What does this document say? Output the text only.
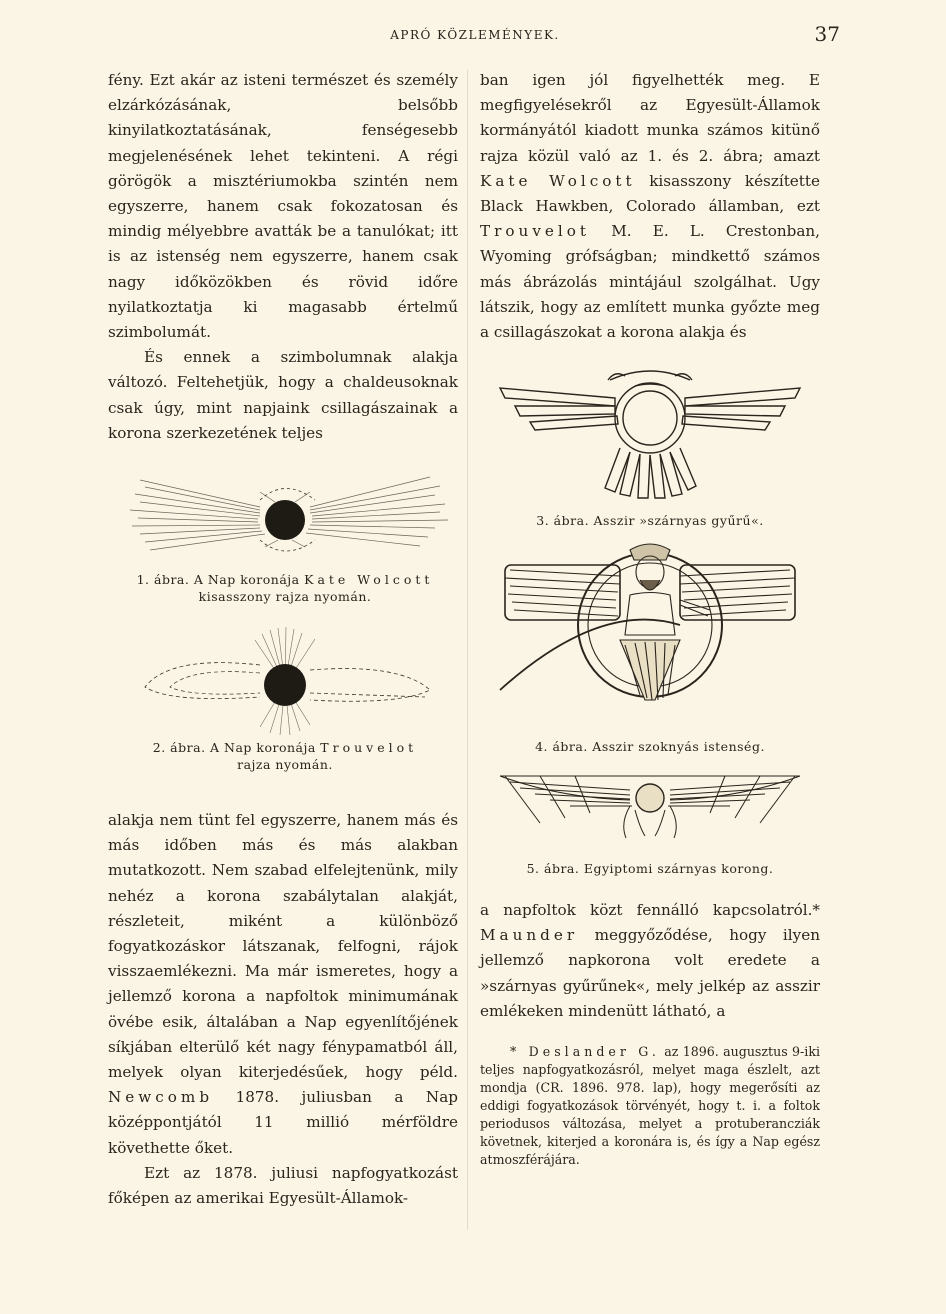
APRÓ KÖZLEMÉNYEK.	37

fény. Ezt akár az isteni természet és személy elzárkózásának, belsőbb kinyilatkoztatásának, fenségesebb megjelenésének lehet tekinteni. A régi görögök a misztériumokba szintén nem egyszerre, hanem csak fokozatosan és mindig mélyebbre avatták be a tanulókat; itt is az istenség nem egyszerre, hanem csak nagy időközökben és rövid időre nyilatkoztatja ki magasabb értelmű szimbolumát.

És ennek a szimbolumnak alakja változó. Feltehetjük, hogy a chaldeusoknak csak úgy, mint napjaink csillagászainak a korona szerkezetének teljes

1. ábra. A Nap koronája Kate Wolcott
kisasszony rajza nyomán.
2. ábra. A Nap koronája Trouvelot
rajza nyomán.

alakja nem tünt fel egyszerre, hanem más és más időben más és más alakban mutatkozott. Nem szabad elfelejtenünk, mily nehéz a korona szabálytalan alakját, részleteit, miként a különböző fogyatkozáskor látszanak, felfogni, rájok visszaemlékezni. Ma már ismeretes, hogy a jellemző korona a napfoltok minimumának övébe esik, általában a Nap egyenlítőjének síkjában elterülő két nagy fénypamatból áll, melyek olyan kiterjedésűek, hogy péld. Newcomb 1878. juliusban a Nap középpontjától 11 millió mérföldre követhette őket.

Ezt az 1878. juliusi napfogyatkozást főképen az amerikai Egyesült-Államok-

ban igen jól figyelhették meg. E megfigyelésekről az Egyesült-Államok kormányától kiadott munka számos kitünő rajza közül való az 1. és 2. ábra; amazt Kate Wolcott kisasszony készítette Black Hawkben, Colorado államban, ezt Trouvelot M. E. L. Crestonban, Wyoming grófságban; mindkettő számos más ábrázolás mintájául szolgálhat. Ugy látszik, hogy az említett munka győzte meg a csillagászokat a korona alakja és

3. ábra. Asszir »szárnyas gyűrű«.
4. ábra. Asszir szoknyás istenség.
5. ábra. Egyiptomi szárnyas korong.

a napfoltok közt fennálló kapcsolatról.* Maunder meggyőződése, hogy ilyen jellemző napkorona volt eredete a »szárnyas gyűrűnek«, mely jelkép az asszir emlékeken mindenütt látható, a

* Deslander G. az 1896. augusztus 9-iki teljes napfogyatkozásról, melyet maga észlelt, azt mondja (CR. 1896. 978. lap), hogy megerősíti az eddigi fogyatkozások törvényét, hogy t. i. a foltok periodusos változása, melyet a protuberancziák követnek, kiterjed a koronára is, és így a Nap egész atmoszférájára.
